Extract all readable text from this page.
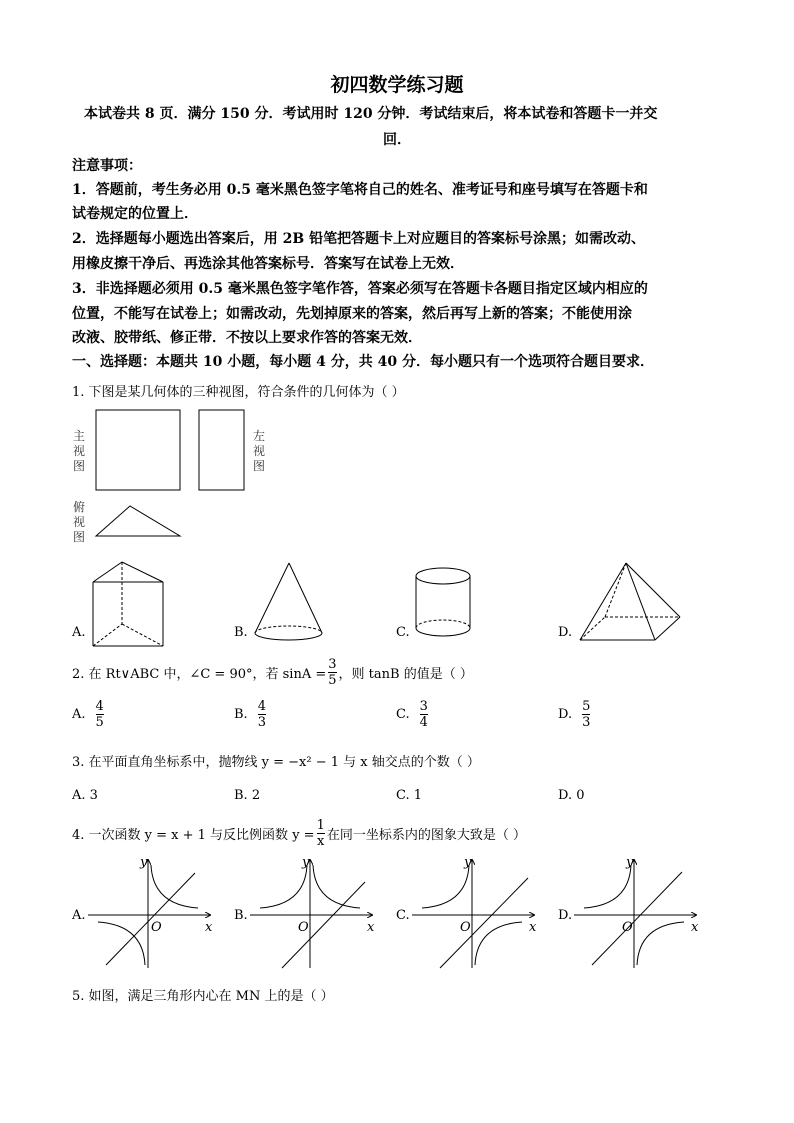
初四数学练习题
本试卷共 8 页．满分 150 分．考试用时 120 分钟．考试结束后，将本试卷和答题卡一并交
回．
注意事项：
1．答题前，考生务必用 0.5 毫米黑色签字笔将自己的姓名、准考证号和座号填写在答题卡和
试卷规定的位置上．
2．选择题每小题选出答案后，用 2B 铅笔把答题卡上对应题目的答案标号涂黑；如需改动、
用橡皮擦干净后、再选涂其他答案标号．答案写在试卷上无效．
3．非选择题必须用 0.5 毫米黑色签字笔作答，答案必须写在答题卡各题目指定区域内相应的
位置，不能写在试卷上；如需改动，先划掉原来的答案，然后再写上新的答案；不能使用涂
改液、胶带纸、修正带．不按以上要求作答的答案无效．
一、选择题：本题共 10 小题，每小题 4 分，共 40 分．每小题只有一个选项符合题目要求．
1. 下图是某几何体的三种视图，符合条件的几何体为（ ）
主
视
图
左
视
图
俯
视
图
A.	B.	C.	D.
2. 在 Rt∨ABC 中，∠C = 90°，若 $\sin A = \frac{3}{5}$ ，则 tanB 的值是（ ）
A. $\frac{4}{5}$	B. $\frac{4}{3}$	C. $\frac{3}{4}$	D. $\frac{5}{3}$
3. 在平面直角坐标系中，抛物线 y = −x² − 1 与 x 轴交点的个数（ ）
A. 3	B. 2	C. 1	D. 0
4. 一次函数 y = x + 1 与反比例函数 $y = \frac{1}{x}$ 在同一坐标系内的图象大致是（ ）
A.	B.	C.	D.
y
x
O
y
x
O
y
x
O
y
x
O
5. 如图，满足三角形内心在 MN 上的是（ ）
